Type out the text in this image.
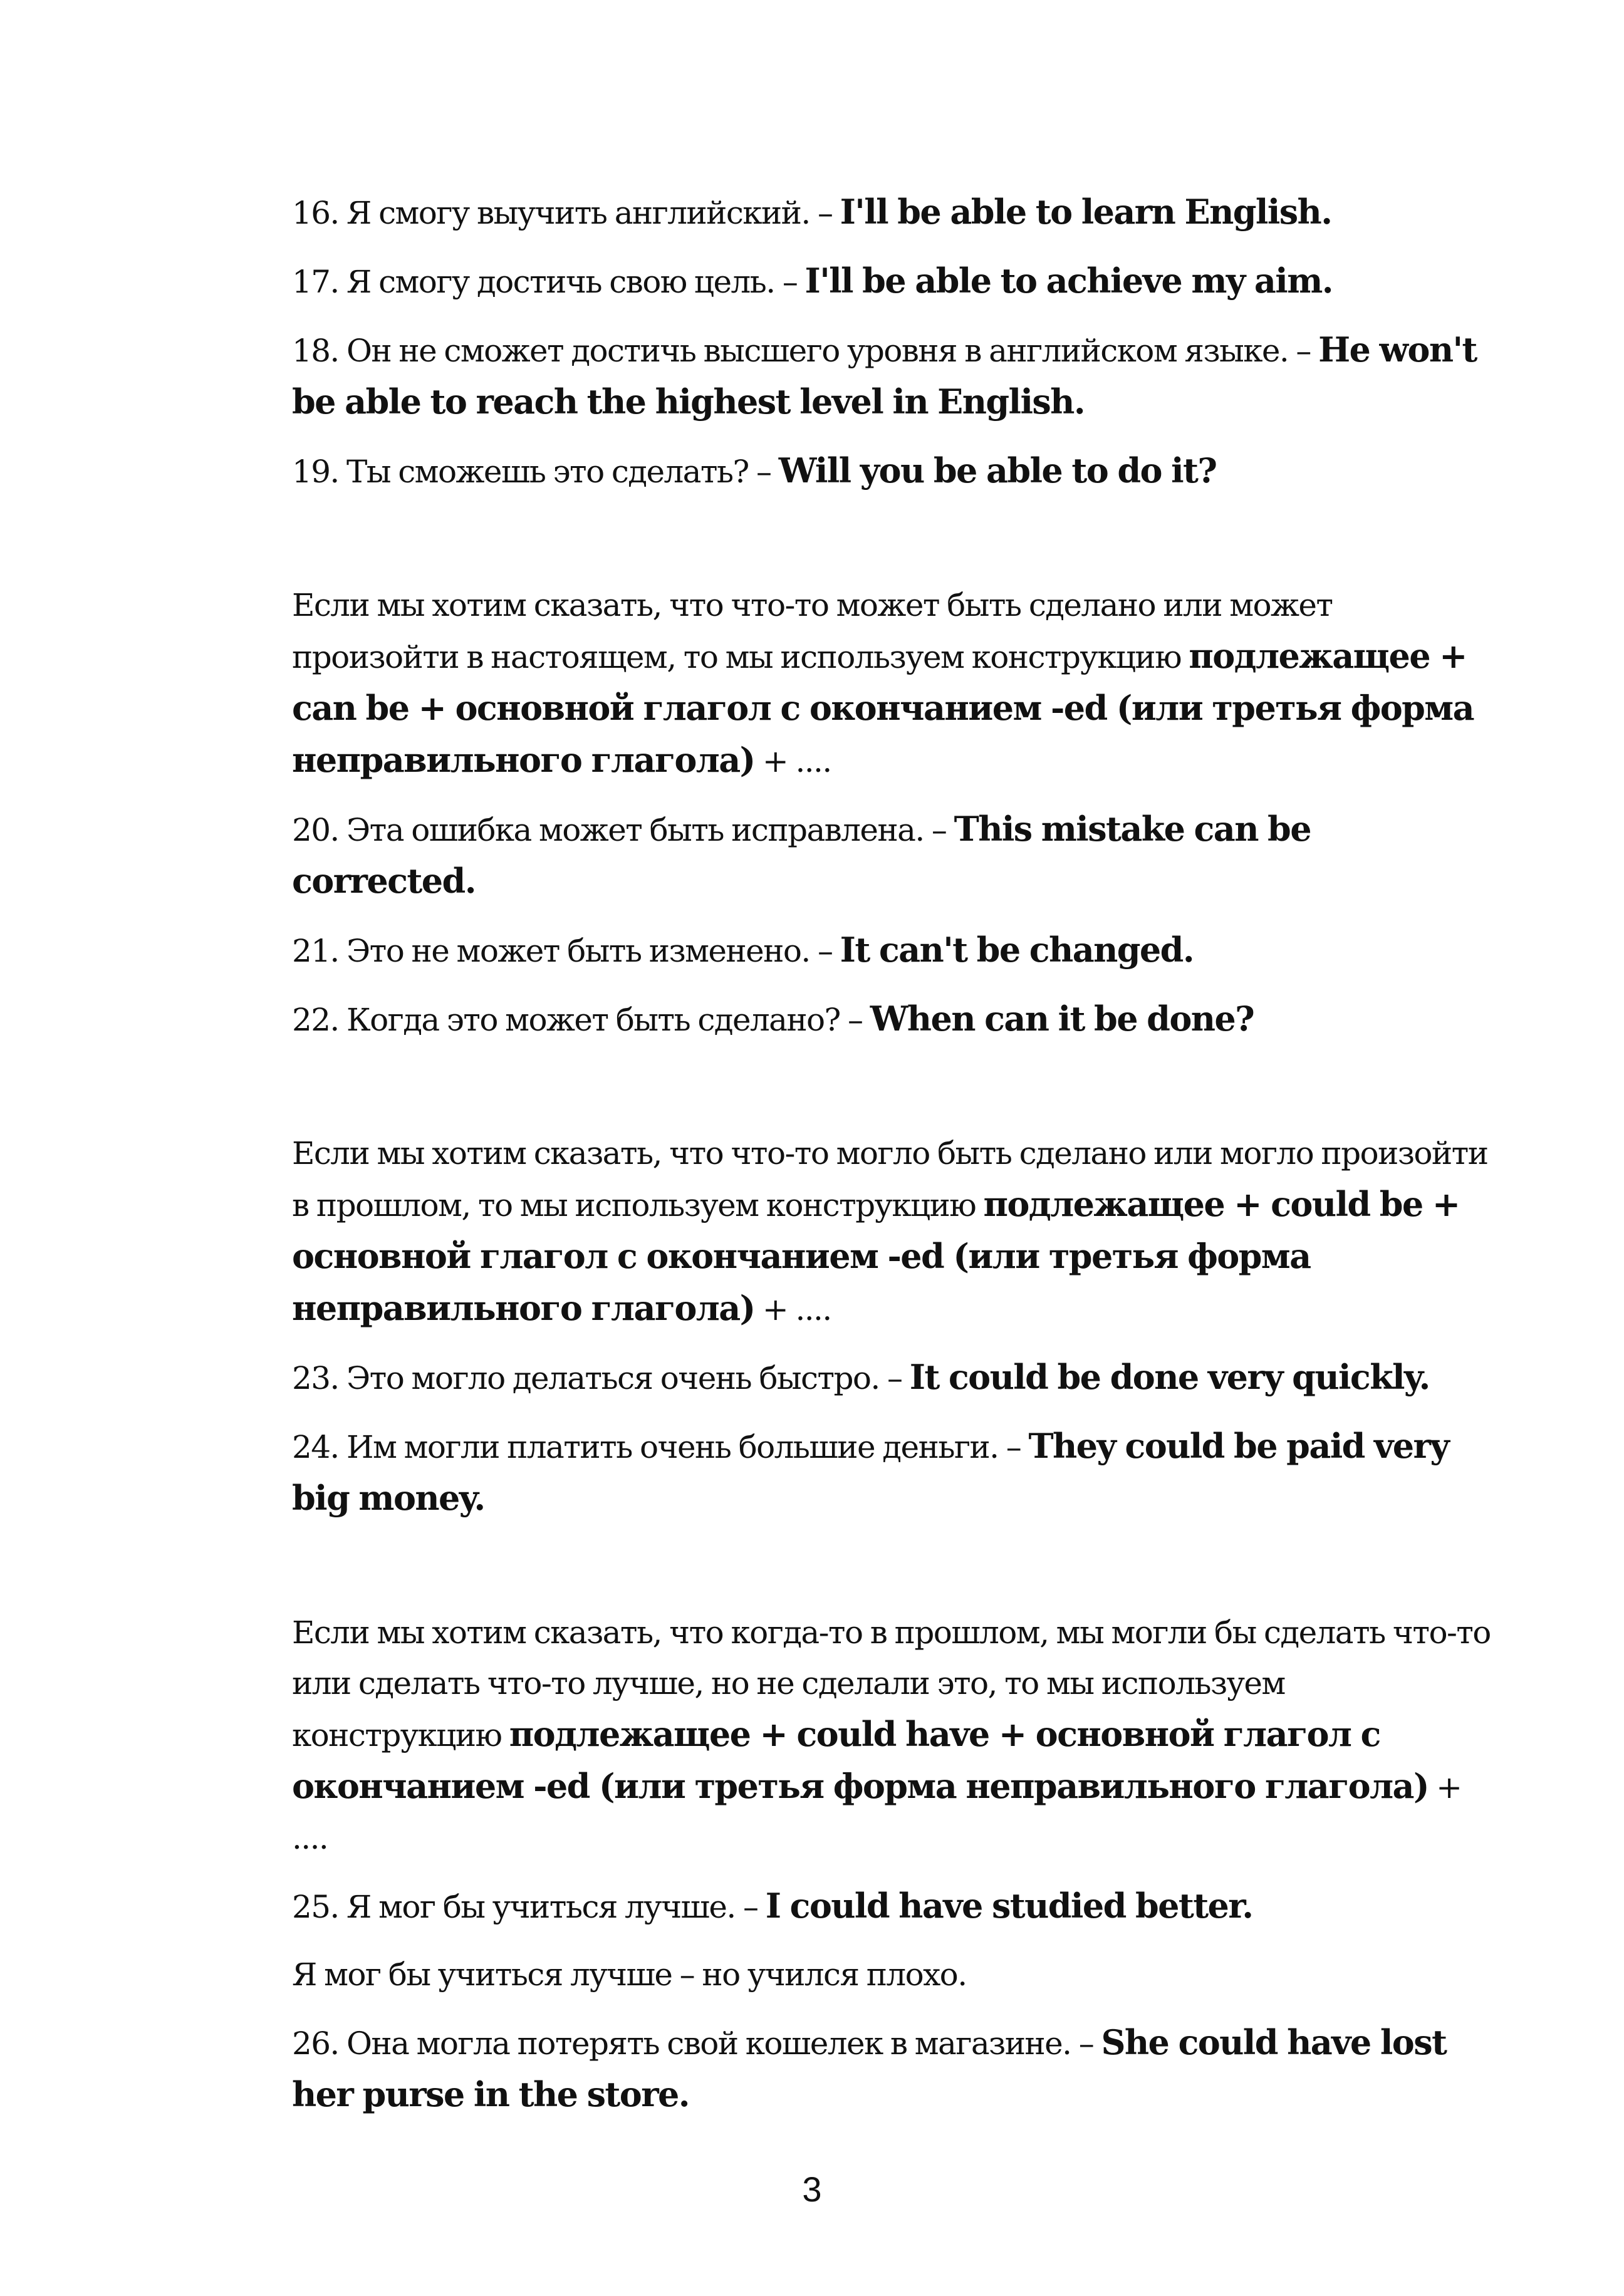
16. Я смогу выучить английский. – I'll be able to learn English.

17. Я смогу достичь свою цель. – I'll be able to achieve my aim.

18. Он не сможет достичь высшего уровня в английском языке. – He won't be able to reach the highest level in English.

19. Ты сможешь это сделать? – Will you be able to do it?

Если мы хотим сказать, что что-то может быть сделано или может произойти в настоящем, то мы используем конструкцию подлежащее + can be + основной глагол с окончанием -ed (или третья форма неправильного глагола) + ....

20. Эта ошибка может быть исправлена. – This mistake can be corrected.

21. Это не может быть изменено. – It can't be changed.

22. Когда это может быть сделано? – When can it be done?

Если мы хотим сказать, что что-то могло быть сделано или могло произойти в прошлом, то мы используем конструкцию подлежащее + could be + основной глагол с окончанием -ed (или третья форма неправильного глагола) + ....

23. Это могло делаться очень быстро. – It could be done very quickly.

24. Им могли платить очень большие деньги. – They could be paid very big money.

Если мы хотим сказать, что когда-то в прошлом, мы могли бы сделать что-то или сделать что-то лучше, но не сделали это, то мы используем конструкцию подлежащее + could have + основной глагол с окончанием -ed (или третья форма неправильного глагола) + ....

25. Я мог бы учиться лучше. – I could have studied better.

Я мог бы учиться лучше – но учился плохо.

26. Она могла потерять свой кошелек в магазине. – She could have lost her purse in the store.

3
